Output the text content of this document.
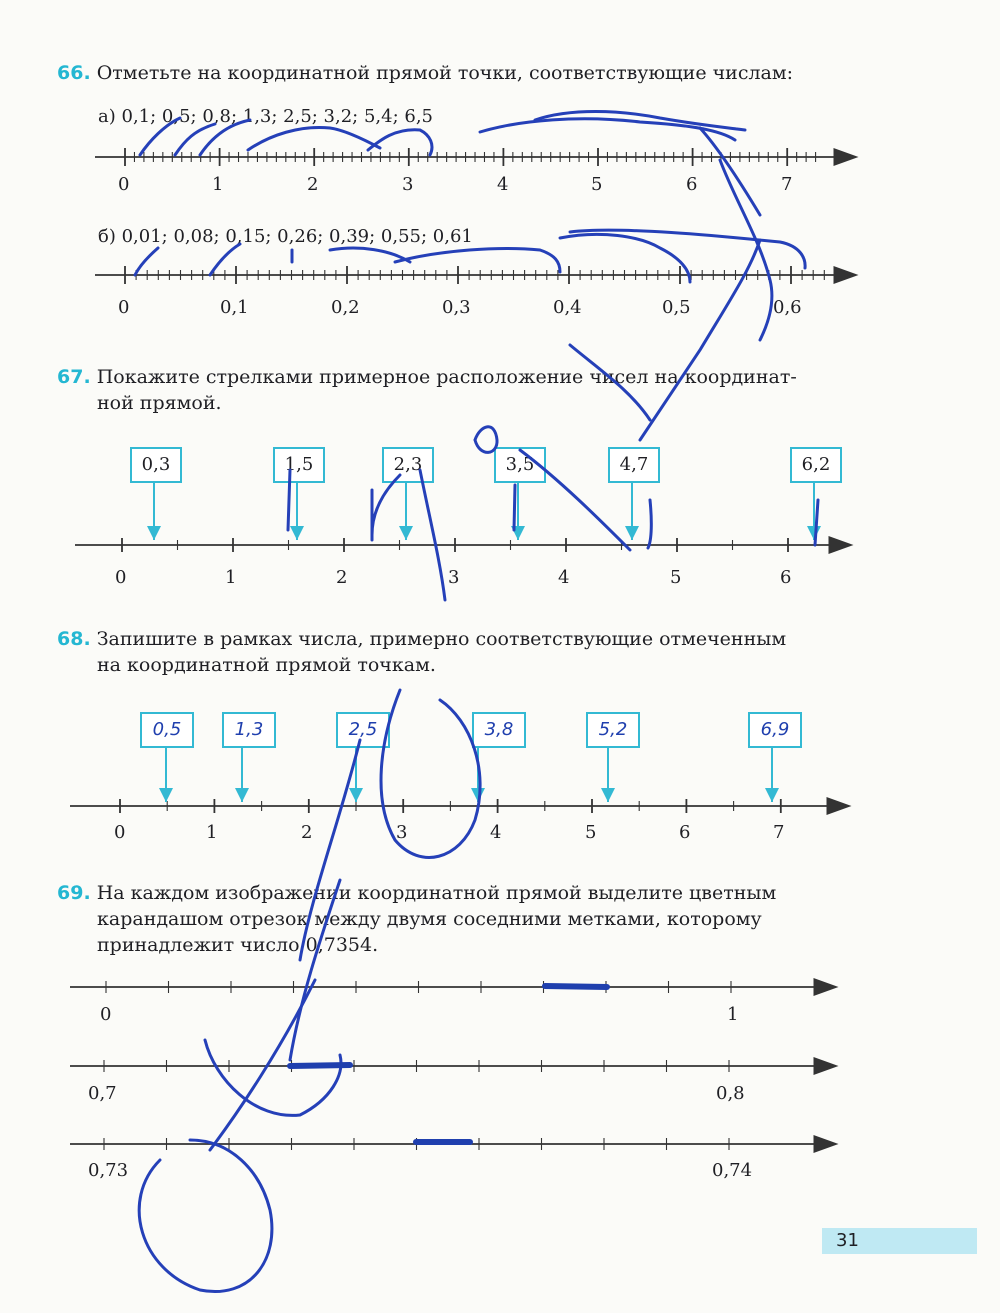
66. Отметьте на координатной прямой точки, соответствующие числам:
а) 0,1; 0,5; 0,8; 1,3; 2,5; 3,2; 5,4; 6,5
б) 0,01; 0,08; 0,15; 0,26; 0,39; 0,55; 0,61
0	1	2	3	4	5	6	7
0	0,1	0,2	0,3	0,4	0,5	0,6
67. Покажите стрелками примерное расположение чисел на координат-
ной прямой.
0,3	1,5	2,3	3,5	4,7	6,2
0	1	2	3	4	5	6
68. Запишите в рамках числа, примерно соответствующие отмеченным
на координатной прямой точкам.
0,5	1,3	2,5	3,8	5,2	6,9
0	1	2	3	4	5	6	7
69. На каждом изображении координатной прямой выделите цветным
карандашом отрезок между двумя соседними метками, которому
принадлежит число 0,7354.
0	1
0,7	0,8
0,73	0,74
31
